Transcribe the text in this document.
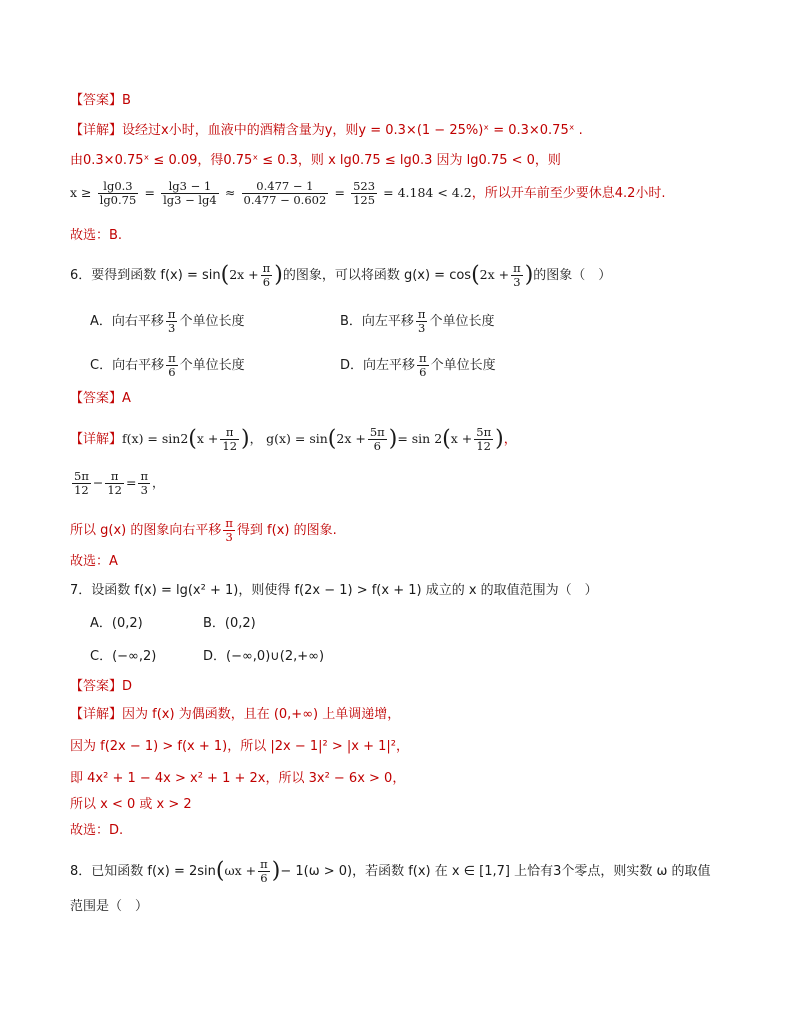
【答案】B
【详解】设经过x小时，血液中的酒精含量为y，则y = 0.3×(1 − 25%)ˣ = 0.3×0.75ˣ .
由0.3×0.75ˣ ≤ 0.09，得0.75ˣ ≤ 0.3，则 x lg0.75 ≤ lg0.3 因为 lg0.75 < 0，则
$x \ge \frac{\lg 0.3}{\lg 0.75} = \frac{\lg 3 - 1}{\lg 3 - \lg 4} \approx \frac{0.477 - 1}{0.477 - 0.602} = \frac{523}{125} = 4.184 < 4.2$，所以开车前至少要休息4.2小时.
故选：B.
6．要得到函数 $f(x) = \sin(2x + \frac{\pi}{6}$ )的图象，可以将函数 $g(x) = \cos(2x + \frac{\pi}{3}$ )的图象（　）
A．向右平移 $\frac{\pi}{3}$ 个单位长度	B．向左平移 $\frac{\pi}{3}$ 个单位长度
C．向右平移 $\frac{\pi}{6}$ 个单位长度	D．向左平移 $\frac{\pi}{6}$ 个单位长度
【答案】A
【详解】$f(x) = \sin 2(x + \frac{\pi}{12}$ )， $g(x) = \sin(2x + \frac{5\pi}{6}$ )= $\sin 2(x + \frac{5\pi}{12}$ )，
$\frac{5\pi}{12} - \frac{\pi}{12} = \frac{\pi}{3}$ ，
所以 g(x) 的图象向右平移 $\frac{\pi}{3}$ 得到 f(x) 的图象.
故选：A
7．设函数 f(x) = lg(x² + 1)，则使得 f(2x − 1) > f(x + 1) 成立的 x 的取值范围为（　）
A．(0,2)	B．(0,2)
C．(−∞,2)	D．(−∞,0)∪(2,+∞)
【答案】D
【详解】因为 f(x) 为偶函数，且在 (0,+∞) 上单调递增，
因为 f(2x − 1) > f(x + 1)，所以 |2x − 1|² > |x + 1|²，
即 4x² + 1 − 4x > x² + 1 + 2x，所以 3x² − 6x > 0，
所以 x < 0 或 x > 2
故选：D.
8．已知函数 $f(x) = 2\sin(\omega x + \frac{\pi}{6}$ )− 1(ω > 0)，若函数 f(x) 在 x ∈ [1,7] 上恰有3个零点，则实数 ω 的取值
范围是（　）
